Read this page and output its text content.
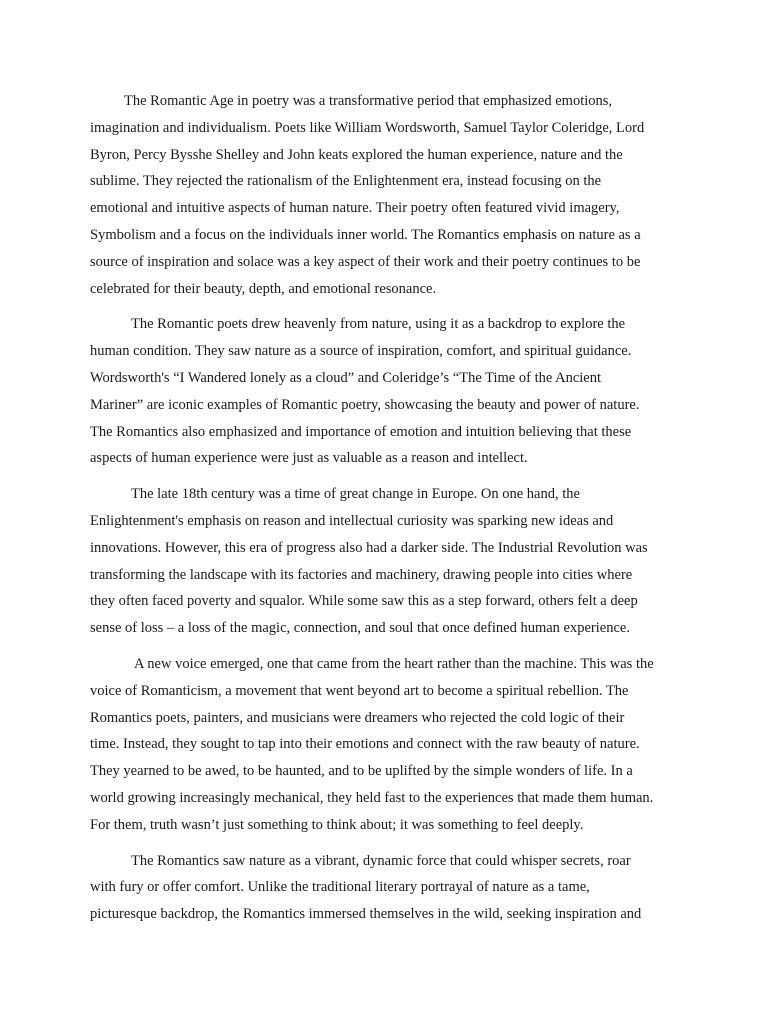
The Romantic Age in poetry was a transformative period that emphasized emotions,
imagination and individualism. Poets like William Wordsworth, Samuel Taylor Coleridge, Lord
Byron, Percy Bysshe Shelley and John keats explored the human experience, nature and the
sublime. They rejected the rationalism of the Enlightenment era, instead focusing on the
emotional and intuitive aspects of human nature. Their poetry often featured vivid imagery,
Symbolism and a focus on the individuals inner world. The Romantics emphasis on nature as a
source of inspiration and solace was a key aspect of their work and their poetry continues to be
celebrated for their beauty, depth, and emotional resonance.

The Romantic poets drew heavenly from nature, using it as a backdrop to explore the
human condition. They saw nature as a source of inspiration, comfort, and spiritual guidance.
Wordsworth's “I Wandered lonely as a cloud” and Coleridge’s “The Time of the Ancient
Mariner” are iconic examples of Romantic poetry, showcasing the beauty and power of nature.
The Romantics also emphasized and importance of emotion and intuition believing that these
aspects of human experience were just as valuable as a reason and intellect.

The late 18th century was a time of great change in Europe. On one hand, the
Enlightenment's emphasis on reason and intellectual curiosity was sparking new ideas and
innovations. However, this era of progress also had a darker side. The Industrial Revolution was
transforming the landscape with its factories and machinery, drawing people into cities where
they often faced poverty and squalor. While some saw this as a step forward, others felt a deep
sense of loss – a loss of the magic, connection, and soul that once defined human experience.

A new voice emerged, one that came from the heart rather than the machine. This was the
voice of Romanticism, a movement that went beyond art to become a spiritual rebellion. The
Romantics poets, painters, and musicians were dreamers who rejected the cold logic of their
time. Instead, they sought to tap into their emotions and connect with the raw beauty of nature.
They yearned to be awed, to be haunted, and to be uplifted by the simple wonders of life. In a
world growing increasingly mechanical, they held fast to the experiences that made them human.
For them, truth wasn’t just something to think about; it was something to feel deeply.

The Romantics saw nature as a vibrant, dynamic force that could whisper secrets, roar
with fury or offer comfort. Unlike the traditional literary portrayal of nature as a tame,
picturesque backdrop, the Romantics immersed themselves in the wild, seeking inspiration and
